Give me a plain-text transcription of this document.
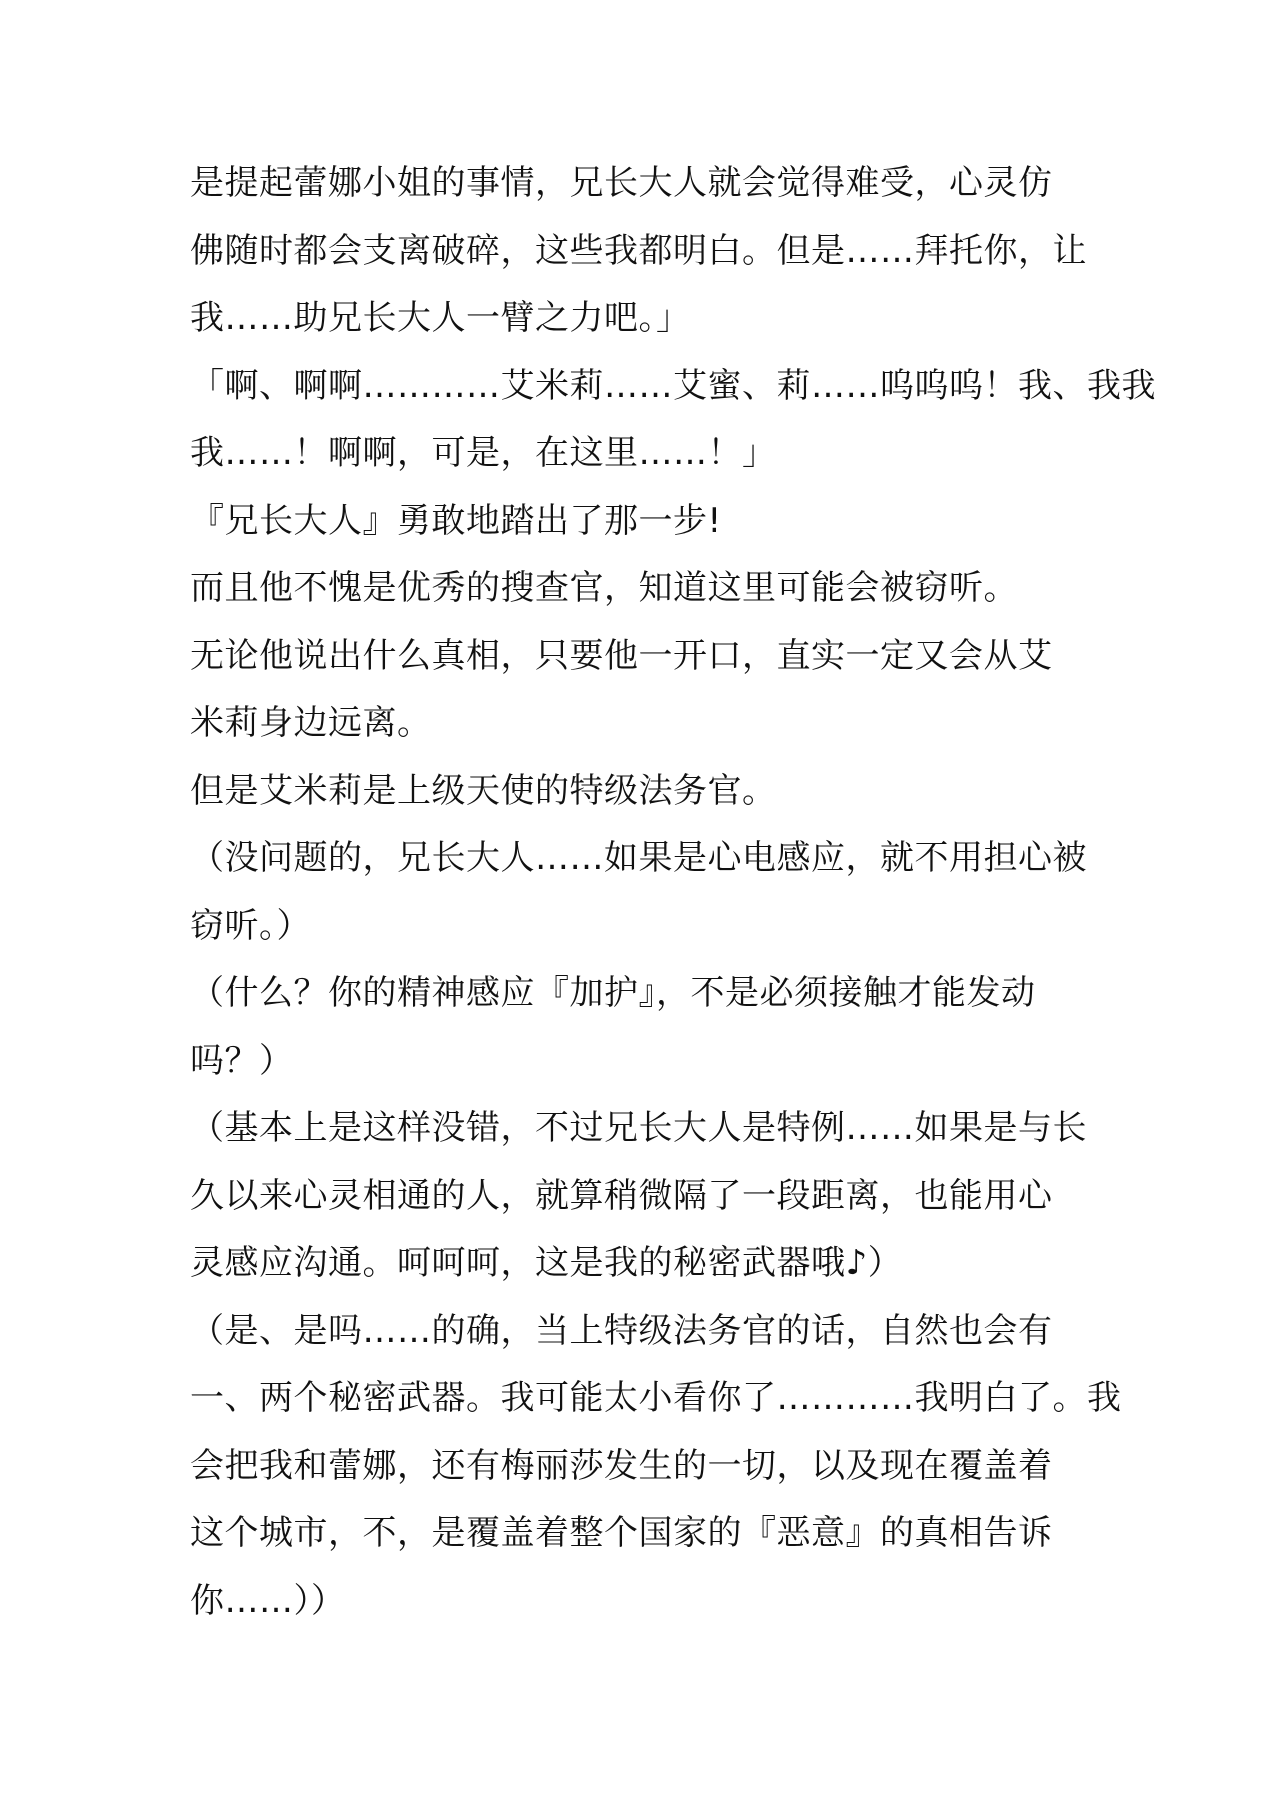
是提起蕾娜小姐的事情，兄长大人就会觉得难受，心灵仿
佛随时都会支离破碎，这些我都明白。但是……拜托你，让
我……助兄长大人一臂之力吧。」
「啊、啊啊…………艾米莉……艾蜜、莉……呜呜呜！我、我我
我……！啊啊，可是，在这里……！」
『兄长大人』勇敢地踏出了那一步!
而且他不愧是优秀的搜查官，知道这里可能会被窃听。
无论他说出什么真相，只要他一开口，直实一定又会从艾
米莉身边远离。
但是艾米莉是上级天使的特级法务官。
（没问题的，兄长大人……如果是心电感应，就不用担心被
窃听。）
（什么？你的精神感应『加护』，不是必须接触才能发动
吗？）
（基本上是这样没错，不过兄长大人是特例……如果是与长
久以来心灵相通的人，就算稍微隔了一段距离，也能用心
灵感应沟通。呵呵呵，这是我的秘密武器哦♪）
（是、是吗……的确，当上特级法务官的话，自然也会有
一、两个秘密武器。我可能太小看你了…………我明白了。我
会把我和蕾娜，还有梅丽莎发生的一切，以及现在覆盖着
这个城市，不，是覆盖着整个国家的『恶意』的真相告诉
你……））
